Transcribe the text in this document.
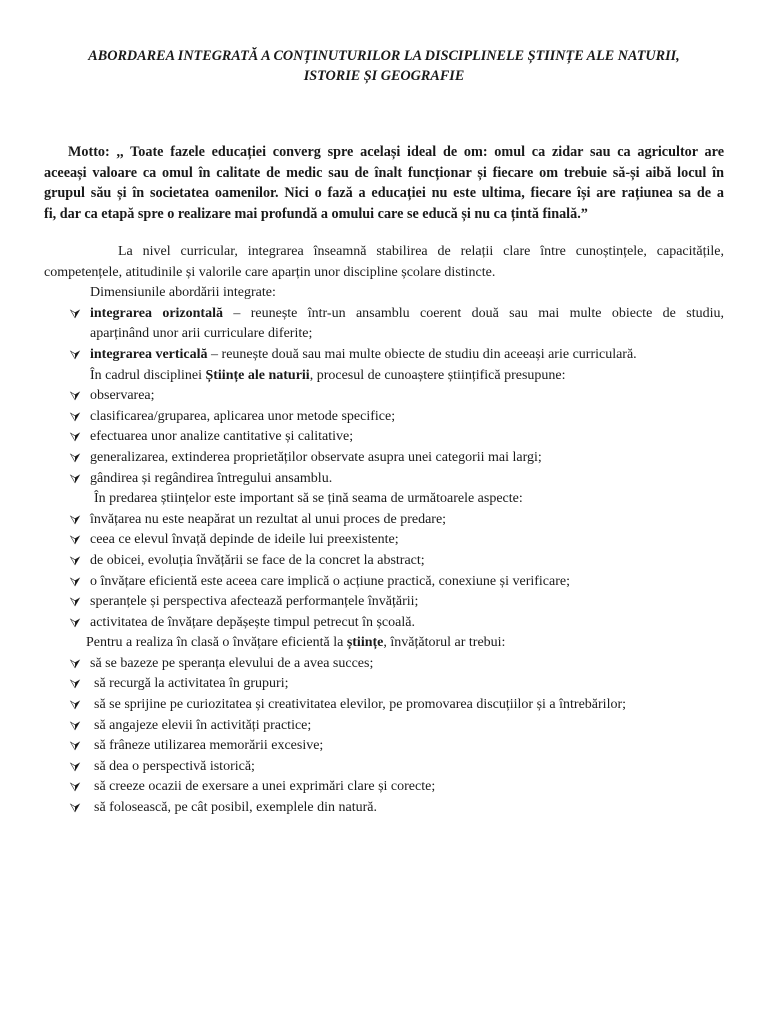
ABORDAREA INTEGRATĂ A CONȚINUTURILOR LA DISCIPLINELE ȘTIINȚE ALE NATURII,
ISTORIE ȘI GEOGRAFIE
Motto: ,, Toate fazele educației converg spre același ideal de om: omul ca zidar sau ca agricultor are
aceeași valoare ca omul în calitate de medic sau de înalt funcționar și fiecare om trebuie să-și aibă locul în
grupul său și în societatea oamenilor. Nici o fază a educației nu este ultima, fiecare își are rațiunea sa de a
fi, dar ca etapă spre o realizare mai profundă a omului care se educă și nu ca țintă finală.”
La nivel curricular, integrarea înseamnă stabilirea de relații clare între cunoștințele, capacitățile,
competențele, atitudinile și valorile care aparțin unor discipline școlare distincte.
Dimensiunile abordării integrate:
⮛ integrarea orizontală – reunește într-un ansamblu coerent două sau mai multe obiecte de studiu,
aparținând unor arii curriculare diferite;
⮛ integrarea verticală – reunește două sau mai multe obiecte de studiu din aceeași arie curriculară.
În cadrul disciplinei Științe ale naturii, procesul de cunoaștere științifică presupune:
⮛ observarea;
⮛ clasificarea/gruparea, aplicarea unor metode specifice;
⮛ efectuarea unor analize cantitative și calitative;
⮛ generalizarea, extinderea proprietăților observate asupra unei categorii mai largi;
⮛ gândirea și regândirea întregului ansamblu.
În predarea științelor este important să se țină seama de următoarele aspecte:
⮛ învățarea nu este neapărat un rezultat al unui proces de predare;
⮛ ceea ce elevul învață depinde de ideile lui preexistente;
⮛ de obicei, evoluția învățării se face de la concret la abstract;
⮛ o învățare eficientă este aceea care implică o acțiune practică, conexiune și verificare;
⮛ speranțele și perspectiva afectează performanțele învățării;
⮛ activitatea de învățare depășește timpul petrecut în școală.
Pentru a realiza în clasă o învățare eficientă la științe, învățătorul ar trebui:
⮛ să se bazeze pe speranța elevului de a avea succes;
⮛ să recurgă la activitatea în grupuri;
⮛ să se sprijine pe curiozitatea și creativitatea elevilor, pe promovarea discuțiilor și a întrebărilor;
⮛ să angajeze elevii în activități practice;
⮛ să frâneze utilizarea memorării excesive;
⮛ să dea o perspectivă istorică;
⮛ să creeze ocazii de exersare a unei exprimări clare și corecte;
⮛ să folosească, pe cât posibil, exemplele din natură.
